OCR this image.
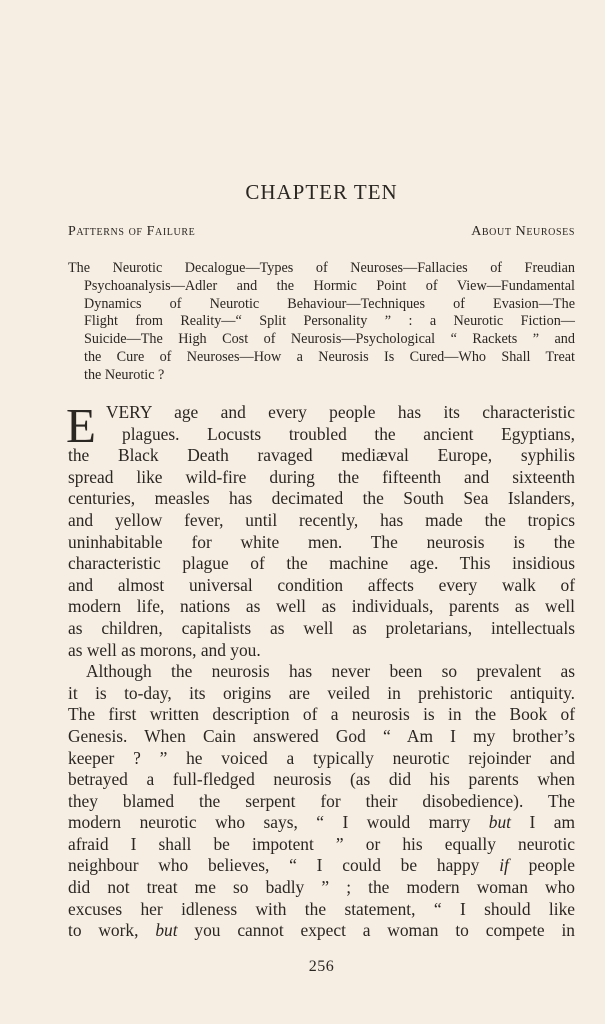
CHAPTER TEN
Patterns of Failure	About Neuroses
The Neurotic Decalogue—Types of Neuroses—Fallacies of Freudian
Psychoanalysis—Adler and the Hormic Point of View—Fundamental
Dynamics of Neurotic Behaviour—Techniques of Evasion—The
Flight from Reality—“ Split Personality ” : a Neurotic Fiction—
Suicide—The High Cost of Neurosis—Psychological “ Rackets ” and
the Cure of Neuroses—How a Neurosis Is Cured—Who Shall Treat
the Neurotic ?
E VERY age and every people has its characteristic
plagues. Locusts troubled the ancient Egyptians,
the Black Death ravaged mediæval Europe, syphilis
spread like wild-fire during the fifteenth and sixteenth
centuries, measles has decimated the South Sea Islanders,
and yellow fever, until recently, has made the tropics
uninhabitable for white men. The neurosis is the
characteristic plague of the machine age. This insidious
and almost universal condition affects every walk of
modern life, nations as well as individuals, parents as well
as children, capitalists as well as proletarians, intellectuals
as well as morons, and you.
Although the neurosis has never been so prevalent as
it is to-day, its origins are veiled in prehistoric antiquity.
The first written description of a neurosis is in the Book of
Genesis. When Cain answered God “ Am I my brother’s
keeper ? ” he voiced a typically neurotic rejoinder and
betrayed a full-fledged neurosis (as did his parents when
they blamed the serpent for their disobedience). The
modern neurotic who says, “ I would marry but I am
afraid I shall be impotent ” or his equally neurotic
neighbour who believes, “ I could be happy if people
did not treat me so badly ” ; the modern woman who
excuses her idleness with the statement, “ I should like
to work, but you cannot expect a woman to compete in
256
